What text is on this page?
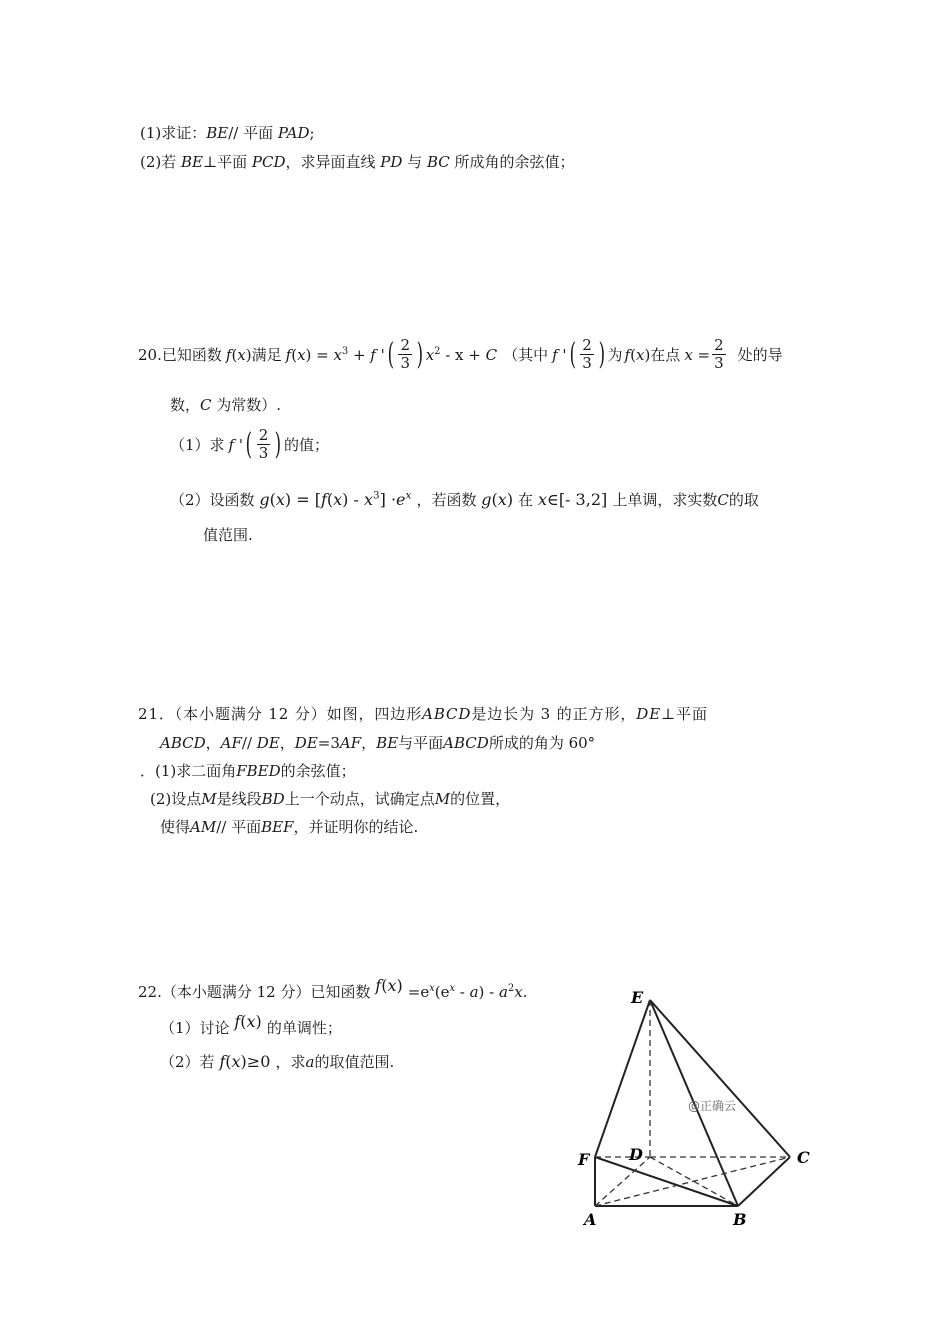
(1)求证：BE// 平面 PAD;
(2)若 BE⊥平面 PCD，求异面直线 PD 与 BC 所成角的余弦值；
20. 已知函数 f(x) 满足 $f(x) = x^3 + f$ ' ( $\frac{2}{3}$ ) $x^2 - x + C$ （其中 f ' ( $\frac{2}{3}$ ) 为 f(x) 在点 $x = \frac{2}{3}$ 处的导
数，C 为常数）.
（1）求 f ' ( $\frac{2}{3}$ ) 的值；
（2）设函数 $g(x) = [f(x) - x^3] \cdot e^x$ ，若函数 g(x) 在 x∈[- 3,2] 上单调，求实数C的取
值范围.
21．（本小题满分 12 分）如图，四边形ABCD是边长为 3 的正方形，DE⊥平面
ABCD，AF// DE，DE=3AF，BE与平面ABCD所成的角为 60°
．(1)求二面角FBED的余弦值；
(2)设点M是线段BD上一个动点，试确定点M的位置，
使得AM// 平面BEF，并证明你的结论.
22.（本小题满分 12 分）已知函数 $f(x) =e^x(e^x - a) - a^2x$.
（1）讨论 f(x) 的单调性；
（2）若 f(x)≥0 ，求a的取值范围.
E
F D	C
A	B
@正确云
